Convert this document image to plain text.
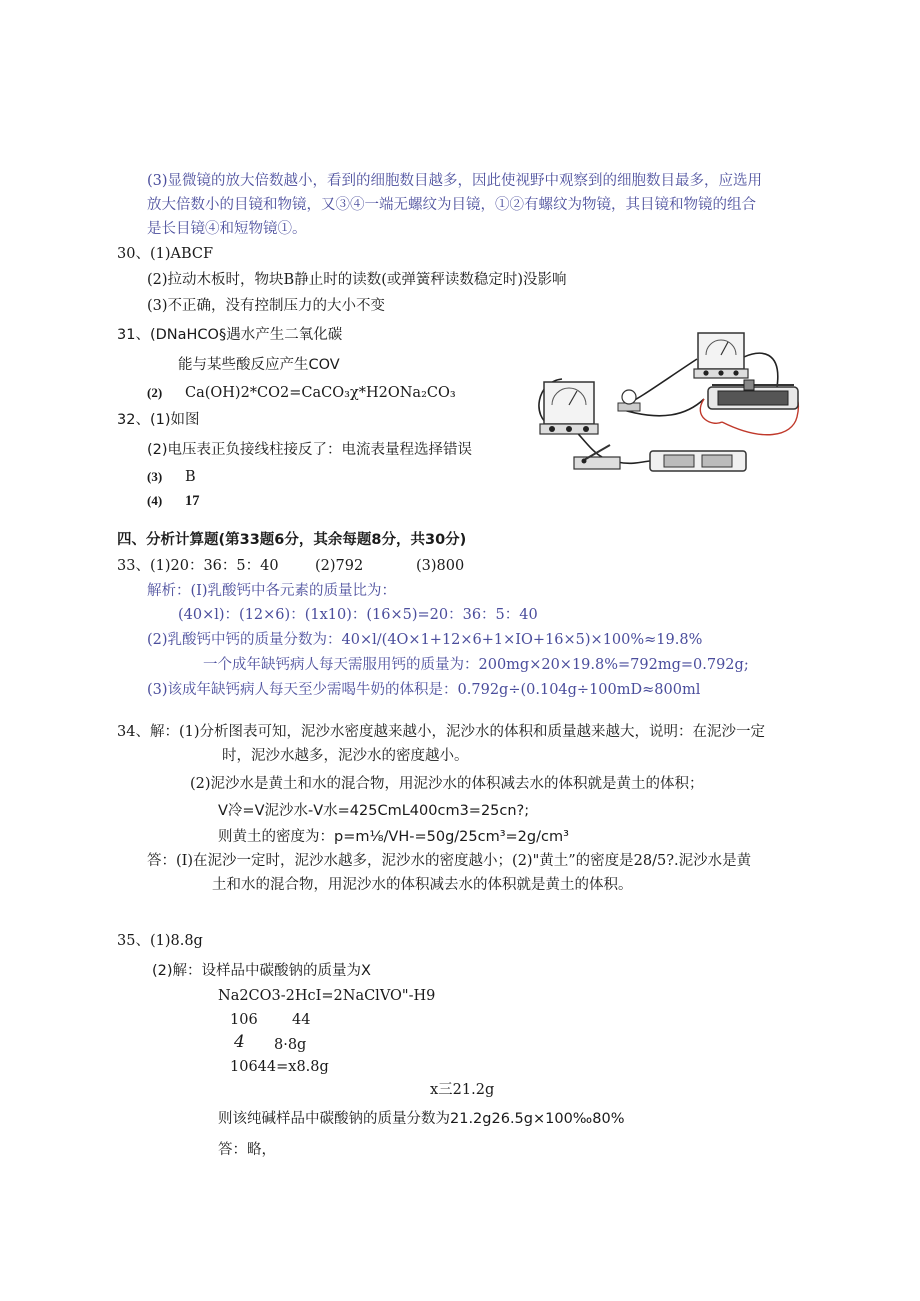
(3)显微镜的放大倍数越小，看到的细胞数目越多，因此使视野中观察到的细胞数目最多，应选用
放大倍数小的目镜和物镜，又③④一端无螺纹为目镜，①②有螺纹为物镜，其目镜和物镜的组合
是长目镜④和短物镜①。
30、(1)ABCF
(2)拉动木板时，物块B静止时的读数(或弹簧秤读数稳定时)没影响
(3)不正确，没有控制压力的大小不变
31、(DNaHCO§遇水产生二氧化碳
能与某些酸反应产生COV
(2) Ca(OH)2*CO2=CaCO₃χ*H2ONa₂CO₃
32、(1)如图
(2)电压表正负接线柱接反了：电流表量程选择错误
(3) B
(4) 17
四、分析计算题(第33题6分，其余每题8分，共30分)
33、(1)20：36：5：40	(2)792	(3)800
解析：(I)乳酸钙中各元素的质量比为：
(40×l)：(12×6)：(1x10)：(16×5)=20：36：5：40
(2)乳酸钙中钙的质量分数为：40×l∕(4O×1+12×6+1×IO+16×5)×100%≈19.8%
一个成年缺钙病人每天需服用钙的质量为：200mg×20×19.8%=792mg=0.792g;
(3)该成年缺钙病人每天至少需喝牛奶的体积是：0.792g÷(0.104g÷100mD≈800ml
34、解：(1)分析图表可知，泥沙水密度越来越小，泥沙水的体积和质量越来越大，说明：在泥沙一定
时，泥沙水越多，泥沙水的密度越小。
(2)泥沙水是黄土和水的混合物，用泥沙水的体积减去水的体积就是黄土的体积；
V冷=V泥沙水-V水=425CmL400cm3=25cn?;
则黄土的密度为：p=m⅛∕VH-=50g∕25cm³=2g∕cm³
答：(I)在泥沙一定时，泥沙水越多，泥沙水的密度越小；(2)"黄土”的密度是28/5?.泥沙水是黄
土和水的混合物，用泥沙水的体积减去水的体积就是黄土的体积。
35、(1)8.8g
(2)解：设样品中碳酸钠的质量为X
Na2CO3-2HcI=2NaClVO"-H9
106 44
4 8·8g
10644=x8.8g
x三21.2g
则该纯碱样品中碳酸钠的质量分数为21.2g26.5g×100‰80%
答：略，
